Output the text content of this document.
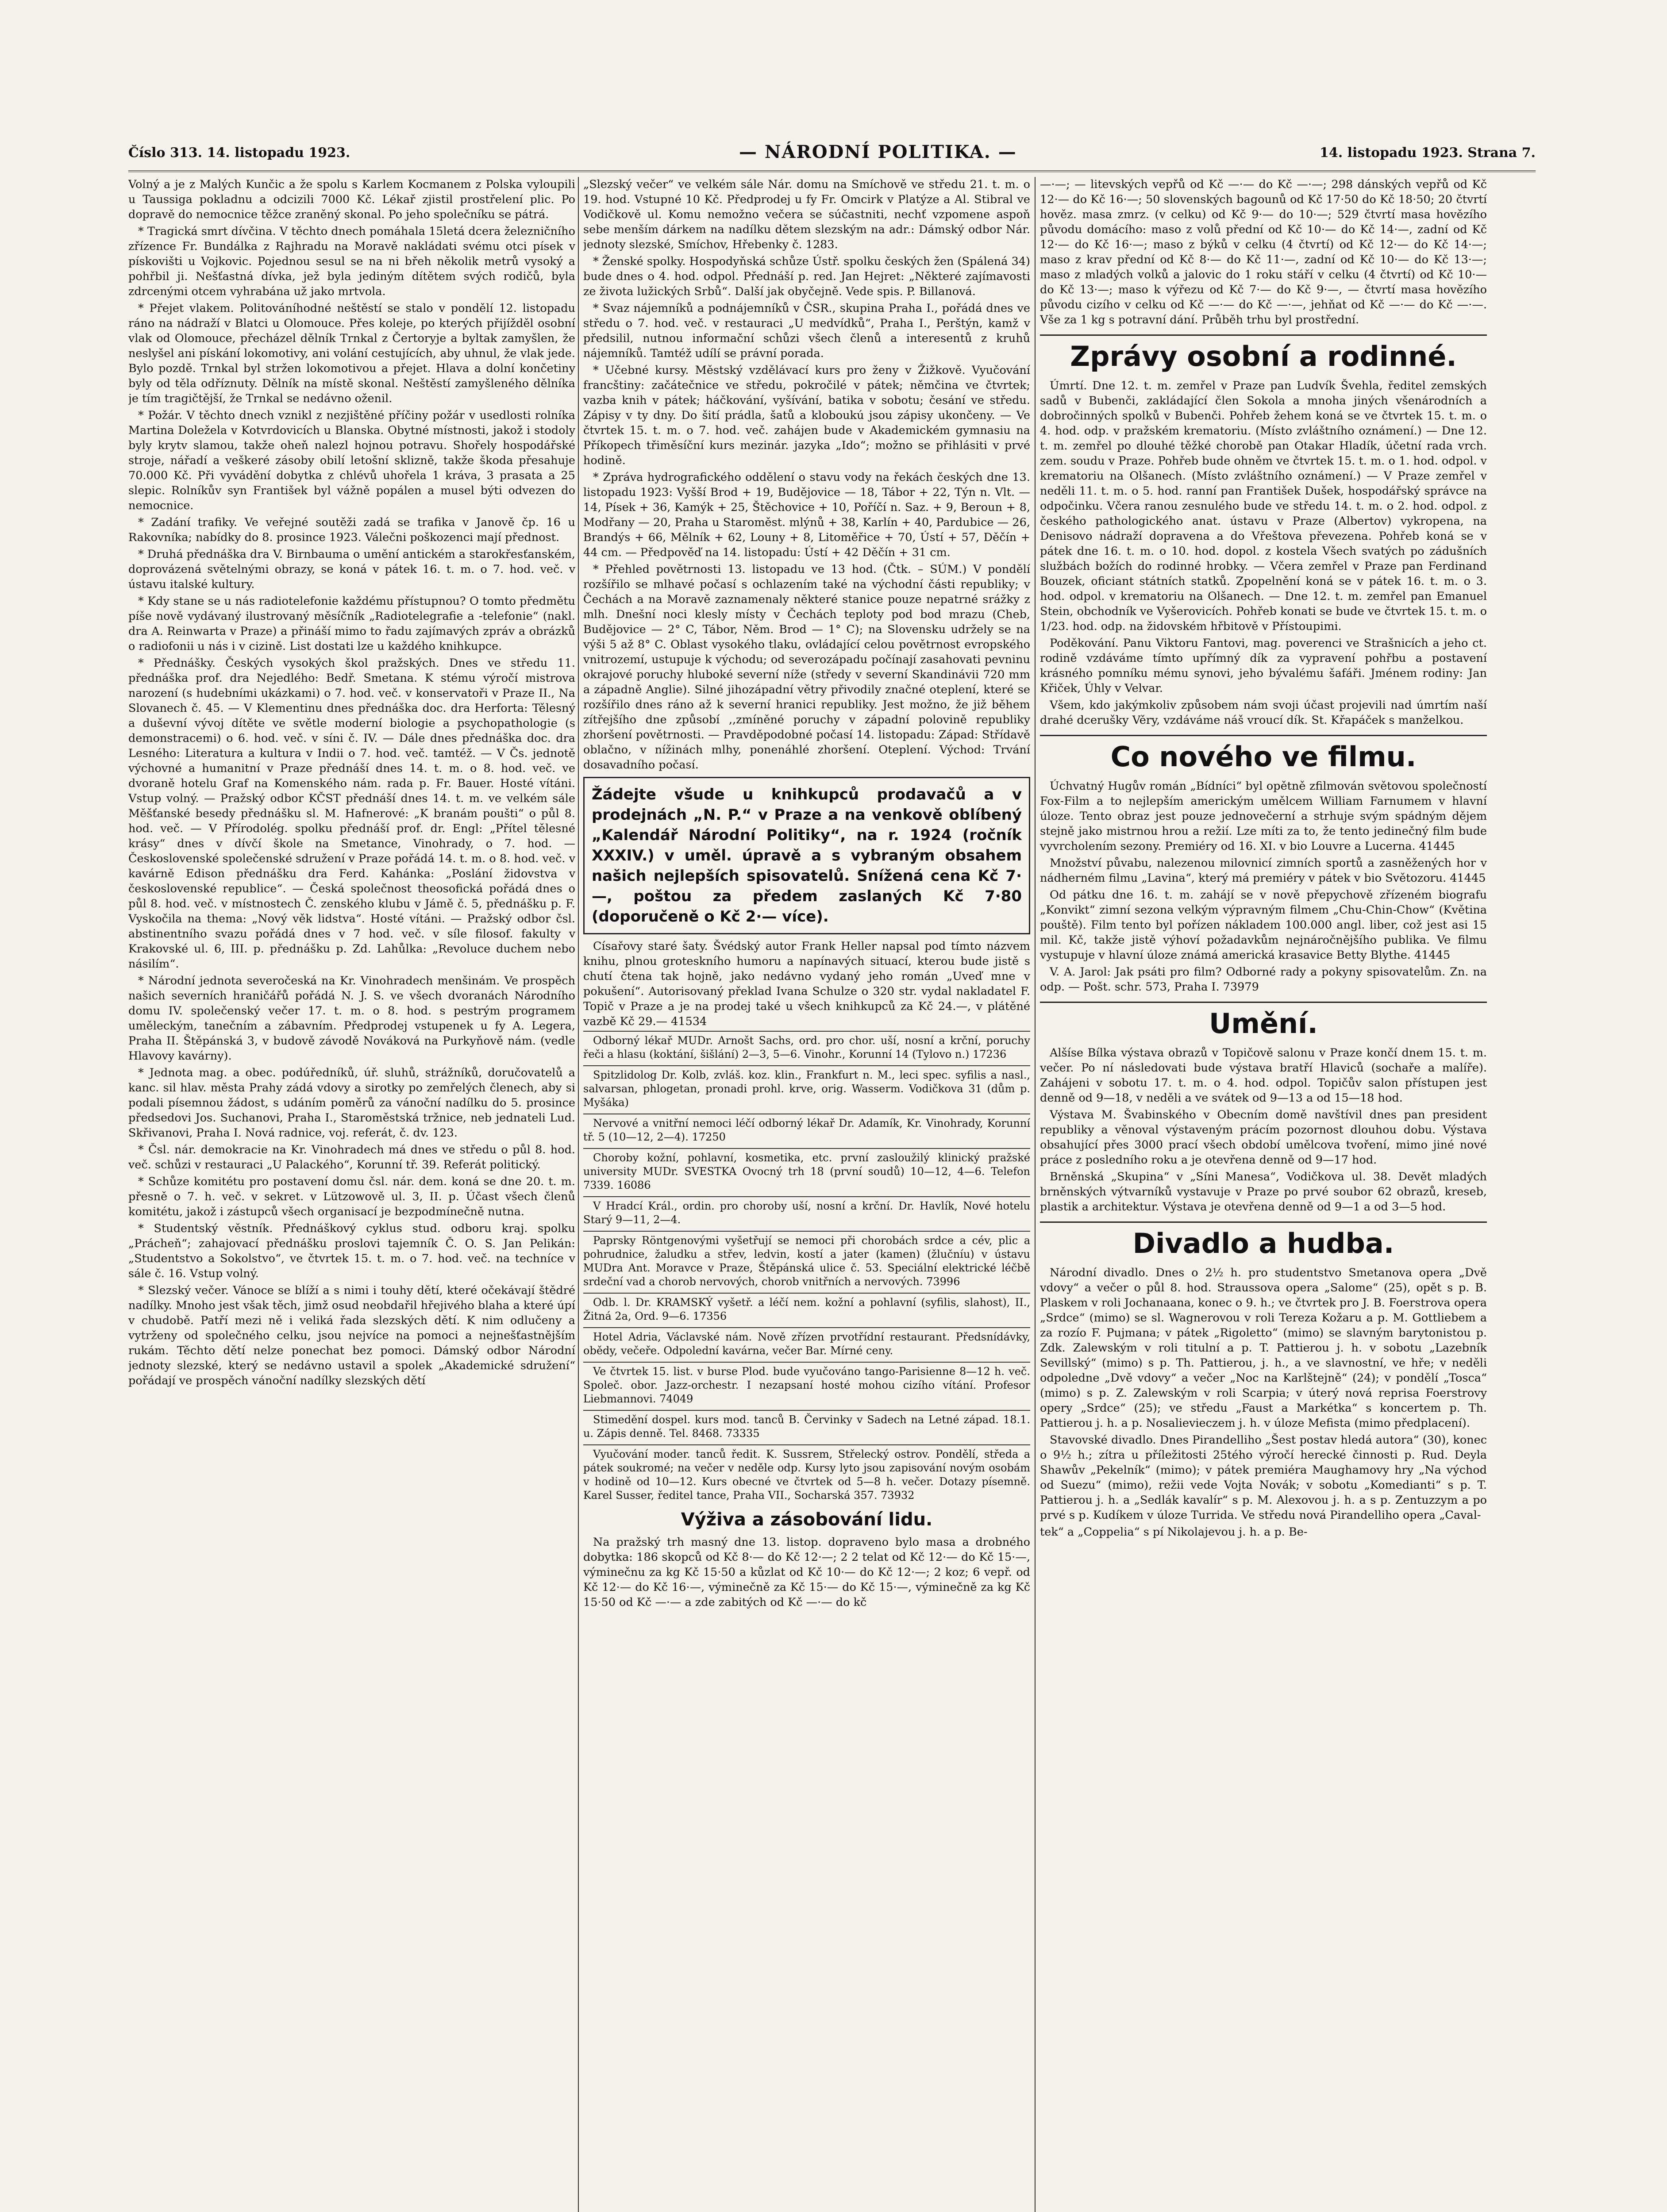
Číslo 313. 14. listopadu 1923.	— NÁRODNÍ POLITIKA. —	14. listopadu 1923. Strana 7.

Volný a je z Malých Kunčic a že spolu s Karlem Kocmanem z Polska vyloupili u Taussiga pokladnu a odcizili 7000 Kč. Lékař zjistil prostřelení plic. Po dopravě do nemocnice těžce zraněný skonal. Po jeho společníku se pátrá.

* Tragická smrt dívčina. V těchto dnech pomáhala 15letá dcera železničního zřízence Fr. Bundálka z Rajhradu na Moravě nakládati svému otci písek v pískovišti u Vojkovic. Pojednou sesul se na ni břeh několik metrů vysoký a pohřbil ji. Nešťastná dívka, jež byla jediným dítětem svých rodičů, byla zdrcenými otcem vyhrabána už jako mrtvola.

* Přejet vlakem. Politováníhodné neštěstí se stalo v pondělí 12. listopadu ráno na nádraží v Blatci u Olomouce. Přes koleje, po kterých přijížděl osobní vlak od Olomouce, přecházel dělník Trnkal z Čertoryje a byltak zamyšlen, že neslyšel ani pískání lokomotivy, ani volání cestujících, aby uhnul, že vlak jede. Bylo pozdě. Trnkal byl stržen lokomotivou a přejet. Hlava a dolní končetiny byly od těla odříznuty. Dělník na místě skonal. Neštěstí zamyšleného dělníka je tím tragičtější, že Trnkal se nedávno oženil.

* Požár. V těchto dnech vznikl z nezjištěné příčiny požár v usedlosti rolníka Martina Doležela v Kotvrdovicích u Blanska. Obytné místnosti, jakož i stodoly byly krytv slamou, takže oheň nalezl hojnou potravu. Shořely hospodářské stroje, nářadí a veškeré zásoby obilí letošní sklizně, takže škoda přesahuje 70.000 Kč. Při vyvádění dobytka z chlévů uhořela 1 kráva, 3 prasata a 25 slepic. Rolníkův syn František byl vážně popálen a musel býti odvezen do nemocnice.

* Zadání trafiky. Ve veřejné soutěži zadá se trafika v Janově čp. 16 u Rakovníka; nabídky do 8. prosince 1923. Válečni poškozenci mají přednost.

* Druhá přednáška dra V. Birnbauma o umění antickém a starokřesťanském, doprovázená světelnými obrazy, se koná v pátek 16. t. m. o 7. hod. več. v ústavu italské kultury.

* Kdy stane se u nás radiotelefonie každému přístupnou? O tomto předmětu píše nově vydávaný ilustrovaný měsíčník „Radiotelegrafie a -telefonie“ (nakl. dra A. Reinwarta v Praze) a přináší mimo to řadu zajímavých zpráv a obrázků o radiofonii u nás i v cizině. List dostati lze u každého knihkupce.

* Přednášky. Českých vysokých škol pražských. Dnes ve středu 11. přednáška prof. dra Nejedlého: Bedř. Smetana. K stému výročí mistrova narození (s hudebními ukázkami) o 7. hod. več. v konservatoři v Praze II., Na Slovanech č. 45. — V Klementinu dnes přednáška doc. dra Herforta: Tělesný a duševní vývoj dítěte ve světle moderní biologie a psychopathologie (s demonstracemi) o 6. hod. več. v síni č. IV. — Dále dnes přednáška doc. dra Lesného: Literatura a kultura v Indii o 7. hod. več. tamtéž. — V Čs. jednotě výchovné a humanitní v Praze přednáší dnes 14. t. m. o 8. hod. več. ve dvoraně hotelu Graf na Komenského nám. rada p. Fr. Bauer. Hosté vítáni. Vstup volný. — Pražský odbor KČST přednáší dnes 14. t. m. ve velkém sále Měšťanské besedy přednášku sl. M. Hafnerové: „K branám poušti“ o půl 8. hod. več. — V Přírodolég. spolku přednáší prof. dr. Engl: „Přítel tělesné krásy“ dnes v dívčí škole na Smetance, Vinohrady, o 7. hod. — Československé společenské sdružení v Praze pořádá 14. t. m. o 8. hod. več. v kavárně Edison přednášku dra Ferd. Kahánka: „Poslání židovstva v československé republice“. — Česká společnost theosofická pořádá dnes o půl 8. hod. več. v místnostech Č. zenského klubu v Jámě č. 5, přednášku p. F. Vyskočila na thema: „Nový věk lidstva“. Hosté vítáni. — Pražský odbor čsl. abstinentního svazu pořádá dnes v 7 hod. več. v síle filosof. fakulty v Krakovské ul. 6, III. p. přednášku p. Zd. Lahůlka: „Revoluce duchem nebo násilím“.

* Národní jednota severočeská na Kr. Vinohradech menšinám. Ve prospěch našich severních hraničářů pořádá N. J. S. ve všech dvoranách Národního domu IV. společenský večer 17. t. m. o 8. hod. s pestrým programem uměleckým, tanečním a zábavním. Předprodej vstupenek u fy A. Legera, Praha II. Štěpánská 3, v budově závodě Nováková na Purkyňově nám. (vedle Hlavovy kavárny).

* Jednota mag. a obec. podúředníků, úř. sluhů, strážníků, doručovatelů a kanc. sil hlav. města Prahy zádá vdovy a sirotky po zemřelých členech, aby si podali písemnou žádost, s udáním poměrů za vánoční nadílku do 5. prosince předsedovi Jos. Suchanovi, Praha I., Staroměstská tržnice, neb jednateli Lud. Skřivanovi, Praha I. Nová radnice, voj. referát, č. dv. 123.

* Čsl. nár. demokracie na Kr. Vinohradech má dnes ve středu o půl 8. hod. več. schůzi v restauraci „U Palackého“, Korunní tř. 39. Referát politický.

* Schůze komitétu pro postavení domu čsl. nár. dem. koná se dne 20. t. m. přesně o 7. h. več. v sekret. v Lützowově ul. 3, II. p. Účast všech členů komitétu, jakož i zástupců všech organisací je bezpodmínečně nutna.

* Studentský věstník. Přednáškový cyklus stud. odboru kraj. spolku „Prácheň“; zahajovací přednášku proslovi tajemník Č. O. S. Jan Pelikán: „Studentstvo a Sokolstvo“, ve čtvrtek 15. t. m. o 7. hod. več. na techníce v sále č. 16. Vstup volný.

* Slezský večer. Vánoce se blíží a s nimi i touhy dětí, které očekávají štědré nadílky. Mnoho jest však těch, jimž osud neobdařil hřejivého blaha a které úpí v chudobě. Patří mezi ně i veliká řada slezských dětí. K nim odlučeny a vytrženy od společného celku, jsou nejvíce na pomoci a nejnešťastnějším rukám. Těchto dětí nelze ponechat bez pomoci. Dámský odbor Národní jednoty slezské, který se nedávno ustavil a spolek „Akademické sdružení“ pořádají ve prospěch vánoční nadílky slezských dětí

„Slezský večer“ ve velkém sále Nár. domu na Smíchově ve středu 21. t. m. o 19. hod. Vstupné 10 Kč. Předprodej u fy Fr. Omcirk v Platýze a Al. Stibral ve Vodičkově ul. Komu nemožno večera se súčastniti, nechť vzpomene aspoň sebe menším dárkem na nadílku dětem slezským na adr.: Dámský odbor Nár. jednoty slezské, Smíchov, Hřebenky č. 1283.

* Ženské spolky. Hospodyňská schůze Ústř. spolku českých žen (Spálená 34) bude dnes o 4. hod. odpol. Přednáší p. red. Jan Hejret: „Některé zajímavosti ze života lužických Srbů“. Další jak obyčejně. Vede spis. P. Billanová.

* Svaz nájemníků a podnájemníků v ČSR., skupina Praha I., pořádá dnes ve středu o 7. hod. več. v restauraci „U medvídků“, Praha I., Perštýn, kamž v předsilil, nutnou informační schůzi všech členů a interesentů z kruhů nájemníků. Tamtéž udílí se právní porada.

* Učebné kursy. Městský vzdělávací kurs pro ženy v Žižkově. Vyučování francštiny: začátečnice ve středu, pokročilé v pátek; němčina ve čtvrtek; vazba knih v pátek; háčkování, vyšívání, batika v sobotu; česání ve středu. Zápisy v ty dny. Do šití prádla, šatů a kloboukú jsou zápisy ukončeny. — Ve čtvrtek 15. t. m. o 7. hod. več. zahájen bude v Akademickém gymnasiu na Příkopech třiměsíční kurs mezinár. jazyka „Ido“; možno se přihlásiti v prvé hodině.

* Zpráva hydrografického oddělení o stavu vody na řekách českých dne 13. listopadu 1923: Vyšší Brod + 19, Budějovice — 18, Tábor + 22, Týn n. Vlt. — 14, Písek + 36, Kamýk + 25, Štěchovice + 10, Poříčí n. Saz. + 9, Beroun + 8, Modřany — 20, Praha u Staroměst. mlýnů + 38, Karlín + 40, Pardubice — 26, Brandýs + 66, Mělník + 62, Louny + 8, Litoměřice + 70, Ústí + 57, Děčín + 44 cm. — Předpověď na 14. listopadu: Ústí + 42 Děčín + 31 cm.

* Přehled povětrnosti 13. listopadu ve 13 hod. (Čtk. – SÚM.) V pondělí rozšířilo se mlhavé počasí s ochlazením také na východní části republiky; v Čechách a na Moravě zaznamenaly některé stanice pouze nepatrné srážky z mlh. Dnešní noci klesly místy v Čechách teploty pod bod mrazu (Cheb, Budějovice — 2° C, Tábor, Něm. Brod — 1° C); na Slovensku udržely se na výši 5 až 8° C. Oblast vysokého tlaku, ovládající celou povětrnost evropského vnitrozemí, ustupuje k východu; od severozápadu počínají zasahovati pevninu okrajové poruchy hluboké severní níže (středy v severní Skandinávii 720 mm a západně Anglie). Silné jihozápadní větry přivodily značné oteplení, které se rozšířilo dnes ráno až k severní hranici republiky. Jest možno, že již během zítřejšího dne způsobí ,,zmíněné poruchy v západní polovině republiky zhoršení povětrnosti. — Pravděpodobné počasí 14. listopadu: Západ: Střídavě oblačno, v nížinách mlhy, ponenáhlé zhoršení. Oteplení. Východ: Trvání dosavadního počasí.

Žádejte všude u knihkupců prodavačů a v prodejnách „N. P.“ v Praze a na venkově oblíbený „Kalendář Národní Politiky“, na r. 1924 (ročník XXXIV.) v uměl. úpravě a s vybraným obsahem našich nejlepších spisovatelů. Snížená cena Kč 7·—, poštou za předem zaslaných Kč 7·80 (doporučeně o Kč 2·— více).

Císařovy staré šaty. Švédský autor Frank Heller napsal pod tímto názvem knihu, plnou groteskního humoru a napínavých situací, kterou bude jistě s chutí čtena tak hojně, jako nedávno vydaný jeho román „Uveď mne v pokušení“. Autorisovaný překlad Ivana Schulze o 320 str. vydal nakladatel F. Topič v Praze a je na prodej také u všech knihkupců za Kč 24.—, v plátěné vazbě Kč 29.— 41534

Odborný lékař MUDr. Arnošt Sachs, ord. pro chor. uší, nosní a krční, poruchy řeči a hlasu (koktání, šišlání) 2—3, 5—6. Vinohr., Korunní 14 (Tylovo n.) 17236

Spitzlidolog Dr. Kolb, zvláš. koz. klin., Frankfurt n. M., leci spec. syfilis a nasl., salvarsan, phlogetan, pronadi prohl. krve, orig. Wasserm. Vodičkova 31 (dům p. Myšáka)

Nervové a vnitřní nemoci léčí odborný lékař Dr. Adamík, Kr. Vinohrady, Korunní tř. 5 (10—12, 2—4). 17250

Choroby kožní, pohlavní, kosmetika, etc. první zasloužilý klinický pražské university MUDr. SVESTKA Ovocný trh 18 (první soudů) 10—12, 4—6. Telefon 7339. 16086

V Hradcí Král., ordin. pro choroby uší, nosní a krční. Dr. Havlík, Nové hotelu Starý 9—11, 2—4.

Paprsky Röntgenovými vyšetřují se nemoci při chorobách srdce a cév, plic a pohrudnice, žaludku a střev, ledvin, kostí a jater (kamen) (žlučníu) v ústavu MUDra Ant. Moravce v Praze, Štěpánská ulice č. 53. Speciální elektrické léčbě srdeční vad a chorob nervových, chorob vnitřních a nervových. 73996

Odb. l. Dr. KRAMSKÝ vyšetř. a léčí nem. kožní a pohlavní (syfilis, slahost), II., Žitná 2a, Ord. 9—6. 17356

Hotel Adria, Václavské nám. Nově zřízen prvotřídní restaurant. Předsnídávky, obědy, večeře. Odpolední kavárna, večer Bar. Mírné ceny.

Ve čtvrtek 15. list. v burse Plod. bude vyučováno tango-Parisienne 8—12 h. več. Společ. obor. Jazz-orchestr. I nezapsaní hosté mohou cizího vítání. Profesor Liebmannovi. 74049

Stimedění dospel. kurs mod. tanců B. Červinky v Sadech na Letné západ. 18.1. u. Zápis denně. Tel. 8468. 73335

Vyučování moder. tanců ředit. K. Sussrem, Střelecký ostrov. Pondělí, středa a pátek soukromé; na večer v neděle odp. Kursy lyto jsou zapisování novým osobám v hodině od 10—12. Kurs obecné ve čtvrtek od 5—8 h. večer. Dotazy písemně. Karel Susser, ředitel tance, Praha VII., Socharská 357. 73932

Výživa a zásobování lidu.

Na pražský trh masný dne 13. listop. dopraveno bylo masa a drobného dobytka: 186 skopců od Kč 8·— do Kč 12·—; 2 2 telat od Kč 12·— do Kč 15·—, výminečnu za kg Kč 15·50 a kůzlat od Kč 10·— do Kč 12·—; 2 koz; 6 vepř. od Kč 12·— do Kč 16·—, výminečně za Kč 15·— do Kč 15·—, výminečně za kg Kč 15·50 od Kč —·— a zde zabitých od Kč —·— do kč

—·—; — litevských vepřů od Kč —·— do Kč —·—; 298 dánských vepřů od Kč 12·— do Kč 16·—; 50 slovenských bagounů od Kč 17·50 do Kč 18·50; 20 čtvrtí hověz. masa zmrz. (v celku) od Kč 9·— do 10·—; 529 čtvrtí masa hovězího původu domácího: maso z volů přední od Kč 10·— do Kč 14·—, zadní od Kč 12·— do Kč 16·—; maso z býků v celku (4 čtvrtí) od Kč 12·— do Kč 14·—; maso z krav přední od Kč 8·— do Kč 11·—, zadní od Kč 10·— do Kč 13·—; maso z mladých volků a jalovic do 1 roku stáří v celku (4 čtvrtí) od Kč 10·— do Kč 13·—; maso k výřezu od Kč 7·— do Kč 9·—, — čtvrtí masa hovězího původu cizího v celku od Kč —·— do Kč —·—, jehňat od Kč —·— do Kč —·—. Vše za 1 kg s potravní dání. Průběh trhu byl prostřední.

Zprávy osobní a rodinné.

Úmrtí. Dne 12. t. m. zemřel v Praze pan Ludvík Švehla, ředitel zemských sadů v Bubenči, zakládající člen Sokola a mnoha jiných všenárodních a dobročinných spolků v Bubenči. Pohřeb žehem koná se ve čtvrtek 15. t. m. o 4. hod. odp. v pražském krematoriu. (Místo zvláštního oznámení.) — Dne 12. t. m. zemřel po dlouhé těžké chorobě pan Otakar Hladík, účetní rada vrch. zem. soudu v Praze. Pohřeb bude ohněm ve čtvrtek 15. t. m. o 1. hod. odpol. v krematoriu na Olšanech. (Místo zvláštního oznámení.) — V Praze zemřel v neděli 11. t. m. o 5. hod. ranní pan František Dušek, hospodářský správce na odpočinku. Včera ranou zesnulého bude ve středu 14. t. m. o 2. hod. odpol. z českého pathologického anat. ústavu v Praze (Albertov) vykropena, na Denisovo nádraží dopravena a do Vřeštova převezena. Pohřeb koná se v pátek dne 16. t. m. o 10. hod. dopol. z kostela Všech svatých po zádušních službách božích do rodinné hrobky. — Včera zemřel v Praze pan Ferdinand Bouzek, oficiant státních statků. Zpopelnění koná se v pátek 16. t. m. o 3. hod. odpol. v krematoriu na Olšanech. — Dne 12. t. m. zemřel pan Emanuel Stein, obchodník ve Vyšerovicích. Pohřeb konati se bude ve čtvrtek 15. t. m. o 1/23. hod. odp. na židovském hřbitově v Přístoupimi.

Poděkování. Panu Viktoru Fantovi, mag. poverenci ve Strašnicích a jeho ct. rodině vzdáváme tímto upřímný dík za vypravení pohřbu a postavení krásného pomníku mému synovi, jeho bývalému šafáři. Jménem rodiny: Jan Křiček, Úhly v Velvar.

Všem, kdo jakýmkoliv způsobem nám svoji účast projevili nad úmrtím naší drahé dcerušky Věry, vzdáváme náš vroucí dík. St. Křapáček s manželkou.

Co nového ve filmu.

Úchvatný Hugův román „Bídníci“ byl opětně zfilmován světovou společností Fox-Film a to nejlepším americkým umělcem William Farnumem v hlavní úloze. Tento obraz jest pouze jednovečerní a strhuje svým spádným dějem stejně jako mistrnou hrou a režií. Lze míti za to, že tento jedinečný film bude vyvrcholením sezony. Premiéry od 16. XI. v bio Louvre a Lucerna. 41445

Množství půvabu, nalezenou milovnicí zimních sportů a zasněžených hor v nádherném filmu „Lavina“, který má premiéry v pátek v bio Světozoru. 41445

Od pátku dne 16. t. m. zahájí se v nově přepychově zřízeném biografu „Konvikt“ zimní sezona velkým výpravným filmem „Chu-Chin-Chow“ (Květina pouště). Film tento byl pořízen nákladem 100.000 angl. liber, což jest asi 15 mil. Kč, takže jistě výhoví požadavkům nejnáročnějšího publika. Ve filmu vystupuje v hlavní úloze známá americká krasavice Betty Blythe. 41445

V. A. Jarol: Jak psáti pro film? Odborné rady a pokyny spisovatelům. Zn. na odp. — Pošt. schr. 573, Praha I. 73979

Umění.

Alšíse Bílka výstava obrazů v Topičově salonu v Praze končí dnem 15. t. m. večer. Po ní následovati bude výstava bratří Hlaviců (sochaře a malíře). Zahájeni v sobotu 17. t. m. o 4. hod. odpol. Topičův salon přístupen jest denně od 9—18, v neděli a ve svátek od 9—13 a od 15—18 hod.

Výstava M. Švabinského v Obecním domě navštívil dnes pan president republiky a věnoval výstaveným prácím pozornost dlouhou dobu. Výstava obsahující přes 3000 prací všech období umělcova tvoření, mimo jiné nové práce z posledního roku a je otevřena denně od 9—17 hod.

Brněnská „Skupina“ v „Síni Manesa“, Vodičkova ul. 38. Devět mladých brněnských výtvarníků vystavuje v Praze po prvé soubor 62 obrazů, kreseb, plastik a architektur. Výstava je otevřena denně od 9—1 a od 3—5 hod.

Divadlo a hudba.

Národní divadlo. Dnes o 2½ h. pro studentstvo Smetanova opera „Dvě vdovy“ a večer o půl 8. hod. Straussova opera „Salome“ (25), opět s p. B. Plaskem v roli Jochanaana, konec o 9. h.; ve čtvrtek pro J. B. Foerstrova opera „Srdce“ (mimo) se sl. Wagnerovou v roli Tereza Kožaru a p. M. Gottliebem a za rozío F. Pujmana; v pátek „Rigoletto“ (mimo) se slavným barytonistou p. Zdk. Zalewským v roli titulní a p. T. Pattierou j. h. v sobotu „Lazebník Sevillský“ (mimo) s p. Th. Pattierou, j. h., a ve slavnostní, ve hře; v neděli odpoledne „Dvě vdovy“ a večer „Noc na Karlštejně“ (24); v pondělí „Tosca“ (mimo) s p. Z. Zalewským v roli Scarpia; v úterý nová reprisa Foerstrovy opery „Srdce“ (25); ve středu „Faust a Markétka“ s koncertem p. Th. Pattierou j. h. a p. Nosalievieczem j. h. v úloze Mefista (mimo předplacení).

Stavovské divadlo. Dnes Pirandelliho „Šest postav hledá autora“ (30), konec o 9½ h.; zítra u příležitosti 25tého výročí herecké činnosti p. Rud. Deyla Shawův „Pekelník“ (mimo); v pátek premiéra Maughamovy hry „Na východ od Suezu“ (mimo), režii vede Vojta Novák; v sobotu „Komedianti“ s p. T. Pattierou j. h. a „Sedlák kavalír“ s p. M. Alexovou j. h. a s p. Zentuzzym a po prvé s p. Kudíkem v úloze Turrida. Ve středu nová Pirandelliho opera „Caval-

tek“ a „Coppelia“ s pí Nikolajevou j. h. a p. Be-
